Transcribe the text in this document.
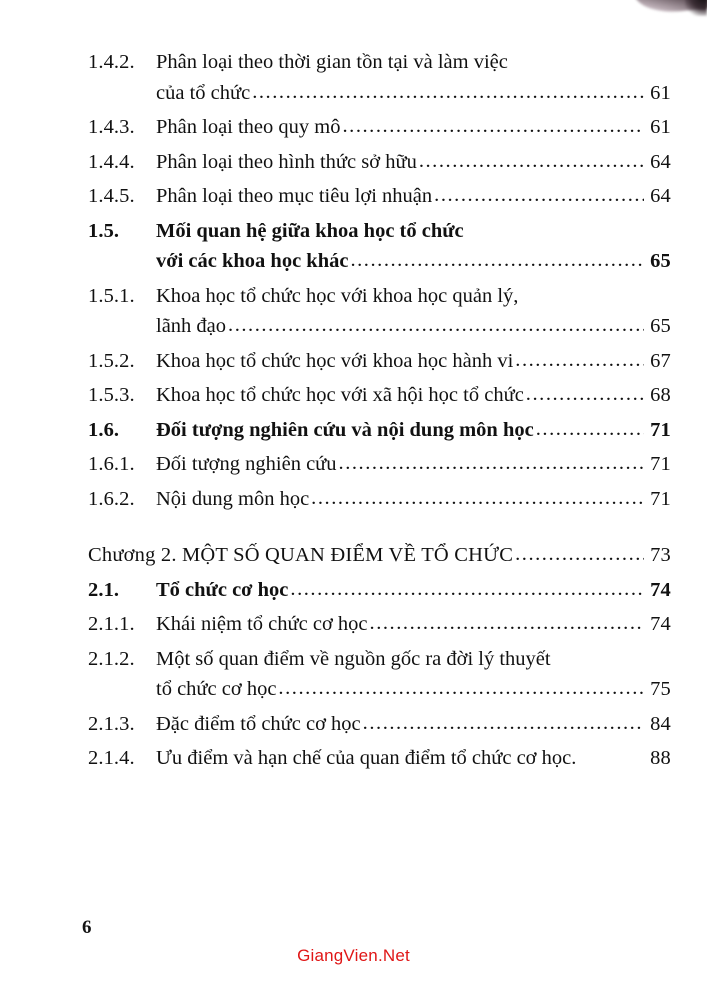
1.4.2.	Phân loại theo thời gian tồn tại và làm việc
của tổ chức .....	61
1.4.3.	Phân loại theo quy mô .....	61
1.4.4.	Phân loại theo hình thức sở hữu .....	64
1.4.5.	Phân loại theo mục tiêu lợi nhuận .....	64
1.5.	Mối quan hệ giữa khoa học tổ chức
với các khoa học khác .....	65
1.5.1.	Khoa học tổ chức học với khoa học quản lý,
lãnh đạo .....	65
1.5.2.	Khoa học tổ chức học với khoa học hành vi .....	67
1.5.3.	Khoa học tổ chức học với xã hội học tổ chức .....	68
1.6.	Đối tượng nghiên cứu và nội dung môn học .....	71
1.6.1.	Đối tượng nghiên cứu .....	71
1.6.2.	Nội dung môn học .....	71
Chương 2. MỘT SỐ QUAN ĐIỂM VỀ TỔ CHỨC .....	73
2.1.	Tổ chức cơ học .....	74
2.1.1.	Khái niệm tổ chức cơ học .....	74
2.1.2.	Một số quan điểm về nguồn gốc ra đời lý thuyết
tổ chức cơ học .....	75
2.1.3.	Đặc điểm tổ chức cơ học .....	84
2.1.4.	Ưu điểm và hạn chế của quan điểm tổ chức cơ học.	88
6
GiangVien.Net
